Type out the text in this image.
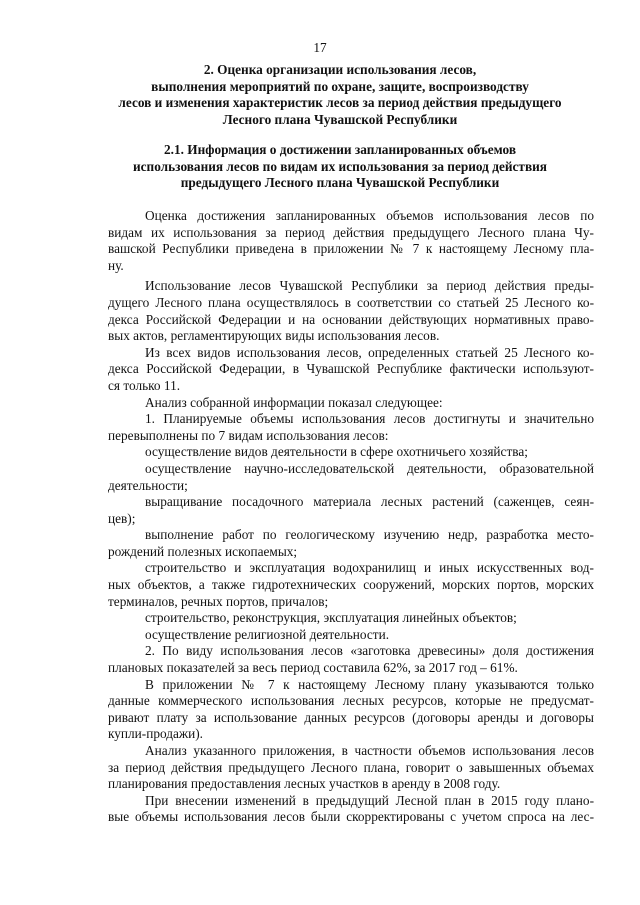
17
2. Оценка организации использования лесов,
выполнения мероприятий по охране, защите, воспроизводству
лесов и изменения характеристик лесов за период действия предыдущего
Лесного плана Чувашской Республики
2.1. Информация о достижении запланированных объемов
использования лесов по видам их использования за период действия
предыдущего Лесного плана Чувашской Республики
Оценка достижения запланированных объемов использования лесов по
видам их использования за период действия предыдущего Лесного плана Чу-
вашской Республики приведена в приложении № 7 к настоящему Лесному пла-
ну.
Использование лесов Чувашской Республики за период действия преды-
дущего Лесного плана осуществлялось в соответствии со статьей 25 Лесного ко-
декса Российской Федерации и на основании действующих нормативных право-
вых актов, регламентирующих виды использования лесов.
Из всех видов использования лесов, определенных статьей 25 Лесного ко-
декса Российской Федерации, в Чувашской Республике фактически используют-
ся только 11.
Анализ собранной информации показал следующее:
1. Планируемые объемы использования лесов достигнуты и значительно
перевыполнены по 7 видам использования лесов:
осуществление видов деятельности в сфере охотничьего хозяйства;
осуществление научно-исследовательской деятельности, образовательной
деятельности;
выращивание посадочного материала лесных растений (саженцев, сеян-
цев);
выполнение работ по геологическому изучению недр, разработка место-
рождений полезных ископаемых;
строительство и эксплуатация водохранилищ и иных искусственных вод-
ных объектов, а также гидротехнических сооружений, морских портов, морских
терминалов, речных портов, причалов;
строительство, реконструкция, эксплуатация линейных объектов;
осуществление религиозной деятельности.
2. По виду использования лесов «заготовка древесины» доля достижения
плановых показателей за весь период составила 62%, за 2017 год – 61%.
В приложении № 7 к настоящему Лесному плану указываются только
данные коммерческого использования лесных ресурсов, которые не предусмат-
ривают плату за использование данных ресурсов (договоры аренды и договоры
купли-продажи).
Анализ указанного приложения, в частности объемов использования лесов
за период действия предыдущего Лесного плана, говорит о завышенных объемах
планирования предоставления лесных участков в аренду в 2008 году.
При внесении изменений в предыдущий Лесной план в 2015 году плано-
вые объемы использования лесов были скорректированы с учетом спроса на лес-
